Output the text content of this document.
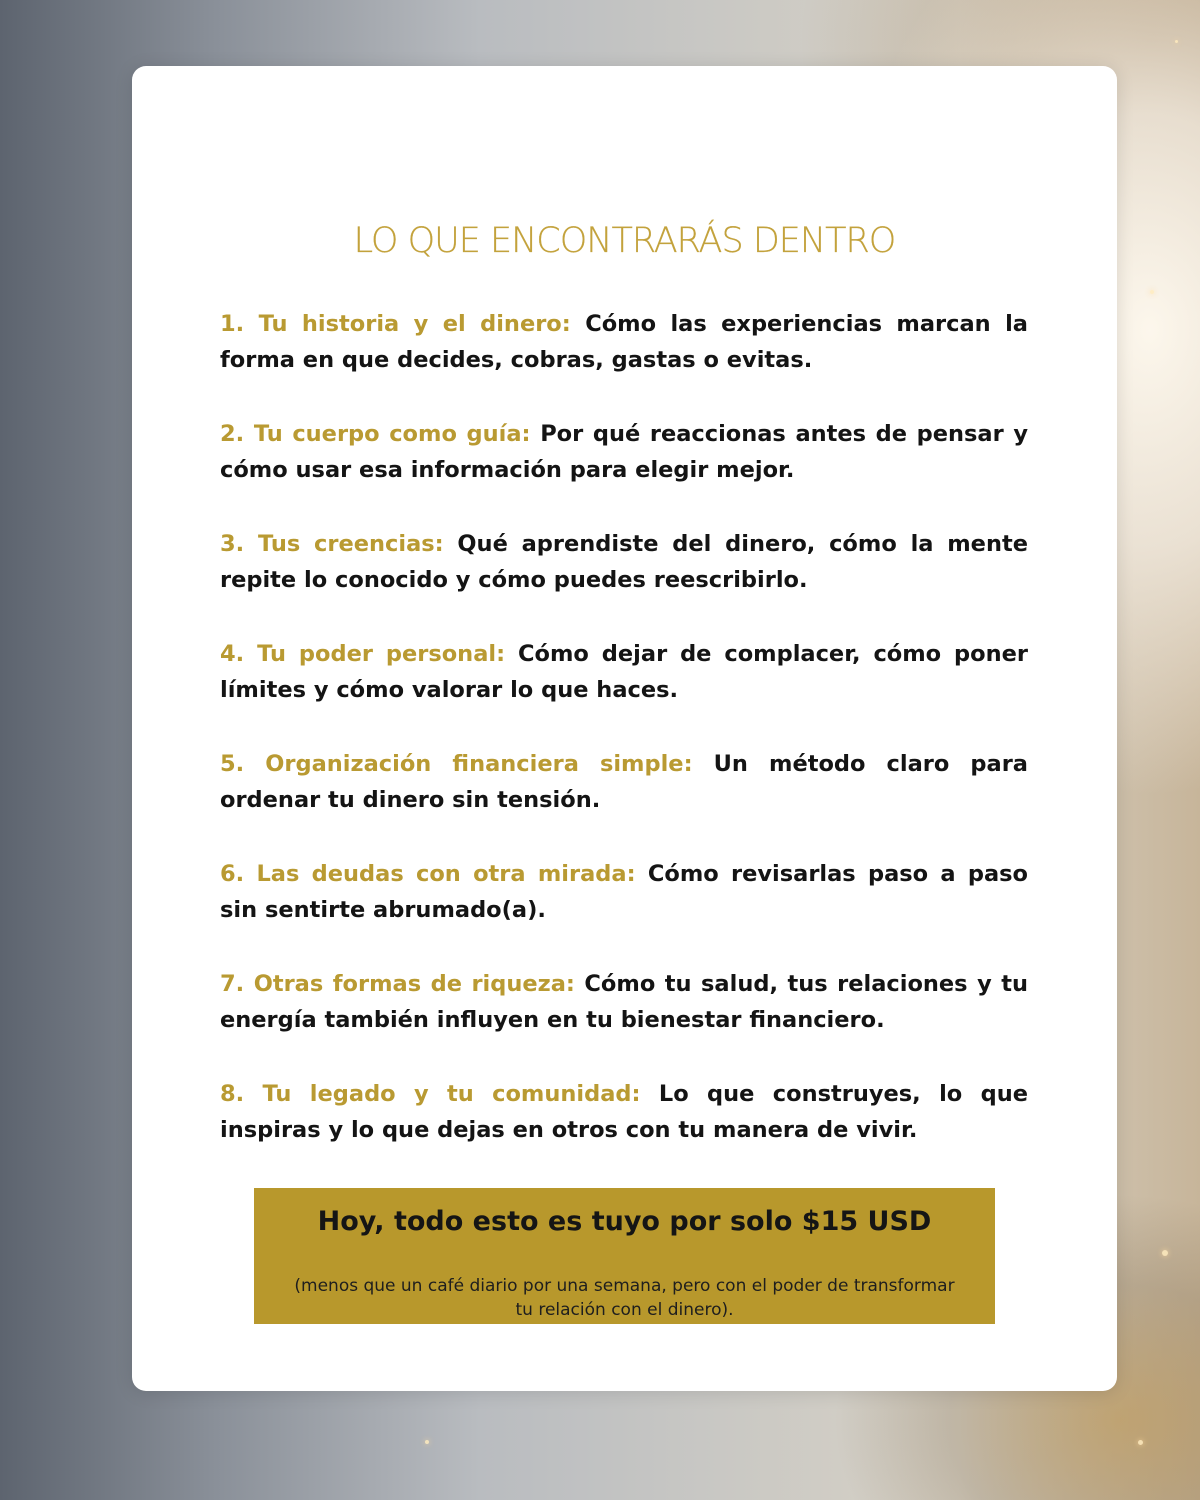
LO QUE ENCONTRARÁS DENTRO
1. Tu historia y el dinero: Cómo las experiencias marcan la forma en que decides, cobras, gastas o evitas.
2. Tu cuerpo como guía: Por qué reaccionas antes de pensar y cómo usar esa información para elegir mejor.
3. Tus creencias: Qué aprendiste del dinero, cómo la mente repite lo conocido y cómo puedes reescribirlo.
4. Tu poder personal: Cómo dejar de complacer, cómo poner límites y cómo valorar lo que haces.
5. Organización financiera simple: Un método claro para ordenar tu dinero sin tensión.
6. Las deudas con otra mirada: Cómo revisarlas paso a paso sin sentirte abrumado(a).
7. Otras formas de riqueza: Cómo tu salud, tus relaciones y tu energía también influyen en tu bienestar financiero.
8. Tu legado y tu comunidad: Lo que construyes, lo que inspiras y lo que dejas en otros con tu manera de vivir.
Hoy, todo esto es tuyo por solo $15 USD
(menos que un café diario por una semana, pero con el poder de transformar tu relación con el dinero).
